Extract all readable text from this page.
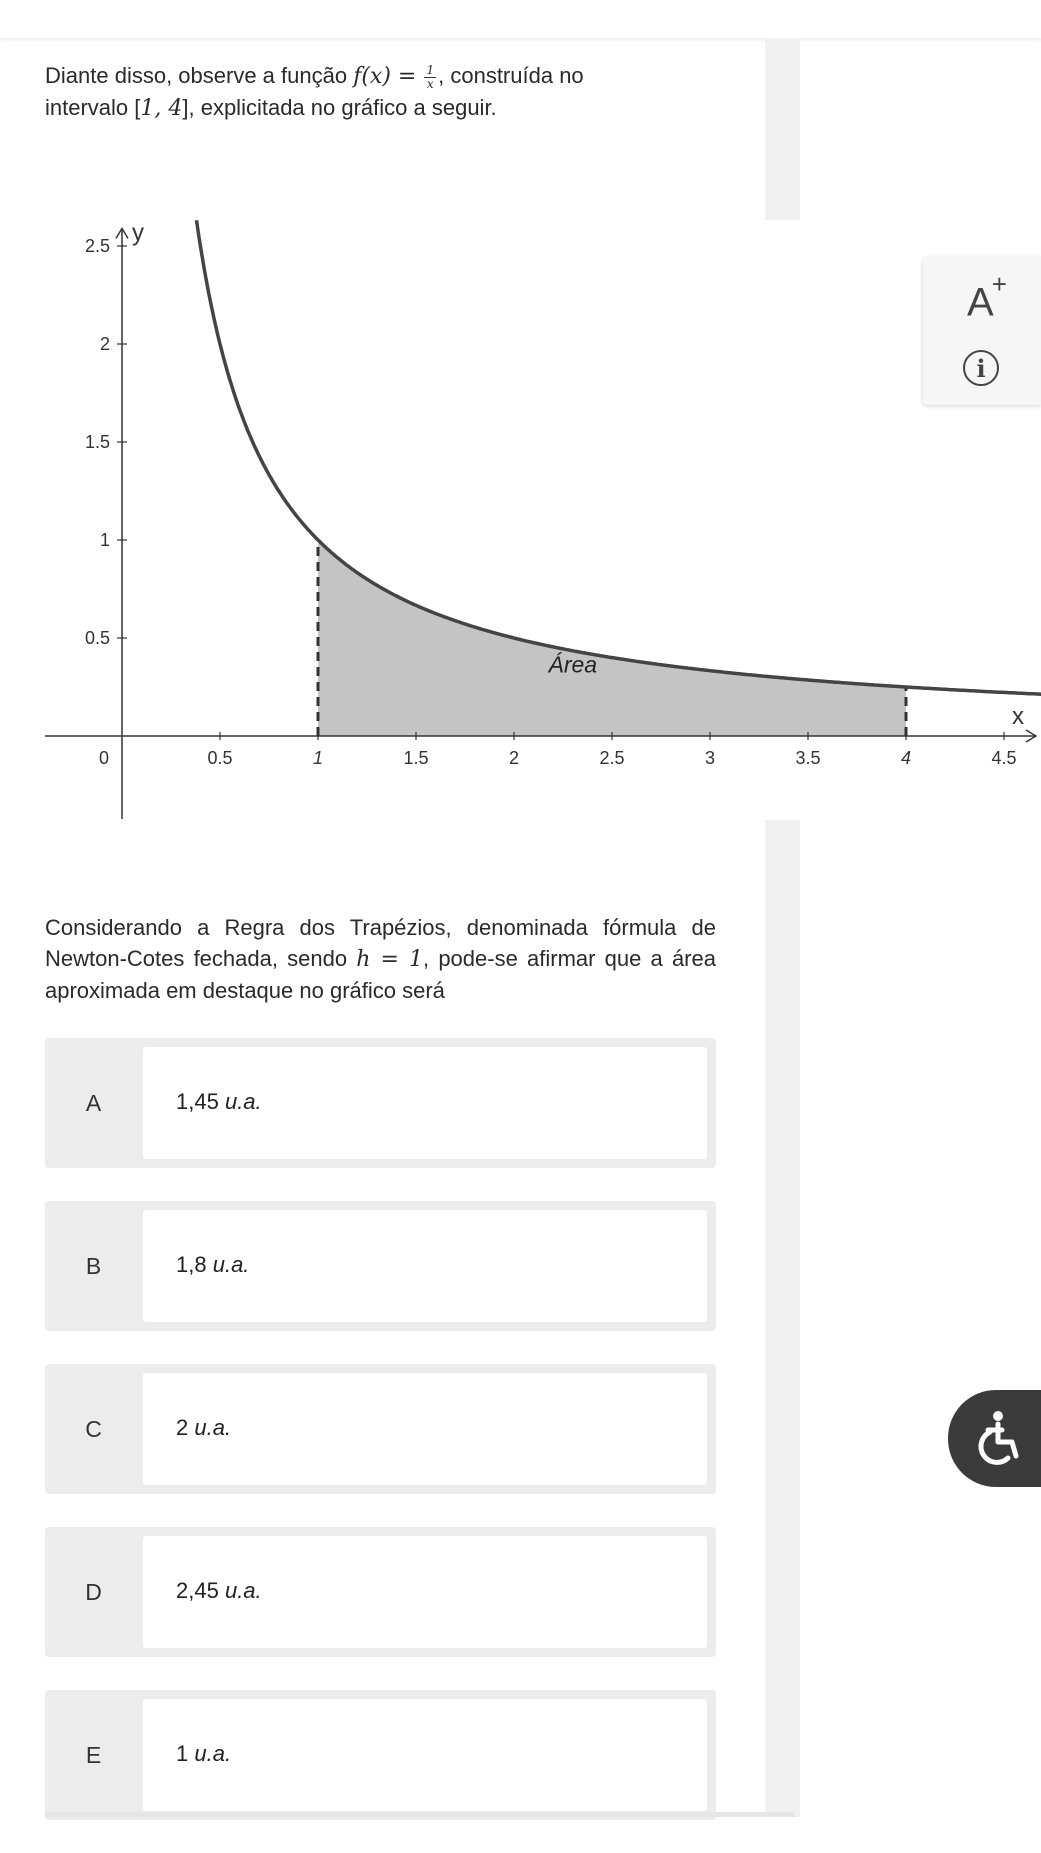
Diante disso, observe a função $f(x) = \frac{1}{x}$ , construída no
intervalo [1, 4], explicitada no gráfico a seguir.

0	0.5	1	1.5	2	2.5	3	3.5	4	4.5
0.5
1
1.5
2
2.5
x
y
Área

Considerando a Regra dos Trapézios, denominada fórmula de Newton-Cotes fechada, sendo h = 1, pode-se afirmar que a área aproximada em destaque no gráfico será

A	1,45 u.a.
B	1,8 u.a.
C	2 u.a.
D	2,45 u.a.
E	1 u.a.
A+
i
